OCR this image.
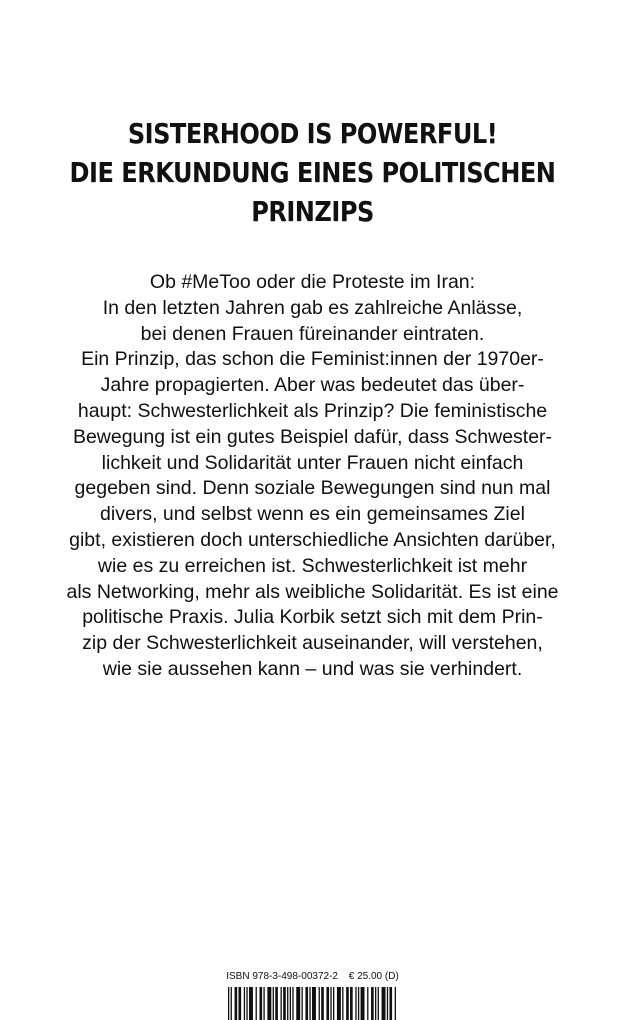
SISTERHOOD IS POWERFUL!
DIE ERKUNDUNG EINES POLITISCHEN
PRINZIPS
Ob #MeToo oder die Proteste im Iran:
In den letzten Jahren gab es zahlreiche Anlässe,
bei denen Frauen füreinander eintraten.
Ein Prinzip, das schon die Feminist:innen der 1970er-
Jahre propagierten. Aber was bedeutet das über-
haupt: Schwesterlichkeit als Prinzip? Die feministische
Bewegung ist ein gutes Beispiel dafür, dass Schwester-
lichkeit und Solidarität unter Frauen nicht einfach
gegeben sind. Denn soziale Bewegungen sind nun mal
divers, und selbst wenn es ein gemeinsames Ziel
gibt, existieren doch unterschiedliche Ansichten darüber,
wie es zu erreichen ist. Schwesterlichkeit ist mehr
als Networking, mehr als weibliche Solidarität. Es ist eine
politische Praxis. Julia Korbik setzt sich mit dem Prin-
zip der Schwesterlichkeit auseinander, will verstehen,
wie sie aussehen kann – und was sie verhindert.
ISBN 978-3-498-00372-2 € 25.00 (D)
